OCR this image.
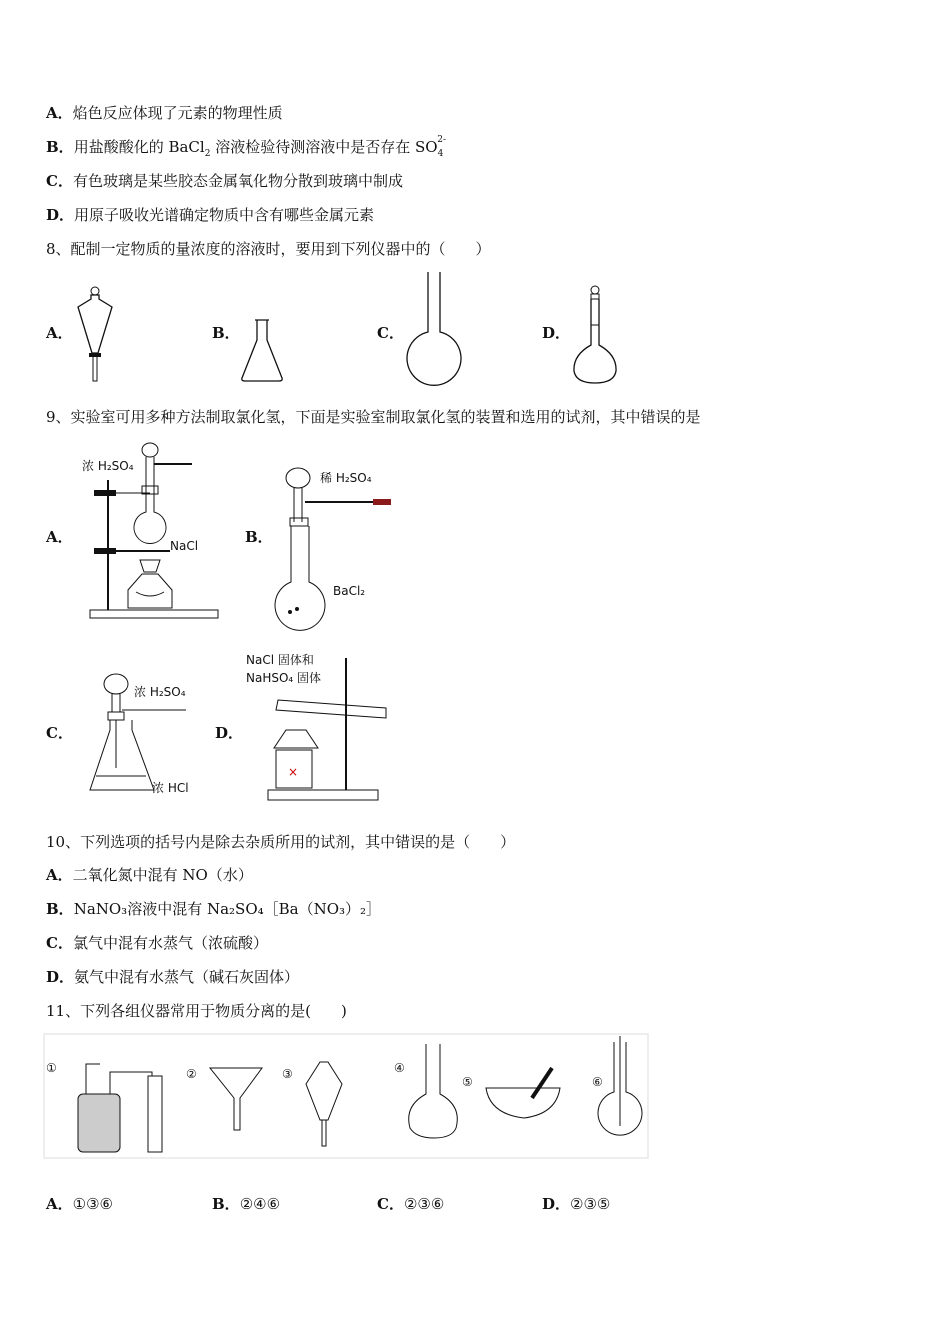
A．焰色反应体现了元素的物理性质
B．用盐酸酸化的 BaCl$_2$ 溶液检验待测溶液中是否存在 $SO_4^{2-}$
C．有色玻璃是某些胶态金属氧化物分散到玻璃中制成
D．用原子吸收光谱确定物质中含有哪些金属元素
8、配制一定物质的量浓度的溶液时，要用到下列仪器中的（　　）
A．	B．	C．	D．
9、实验室可用多种方法制取氯化氢，下面是实验室制取氯化氢的装置和选用的试剂，其中错误的是
A．	B．
C．	D．
浓 H₂SO₄
NaCl
稀 H₂SO₄
BaCl₂
浓 H₂SO₄
浓 HCl
NaCl 固体和
NaHSO₄ 固体
×
10、下列选项的括号内是除去杂质所用的试剂，其中错误的是（　　）
A．二氧化氮中混有 NO（水）
B．NaNO₃溶液中混有 Na₂SO₄［Ba（NO₃）₂］
C．氯气中混有水蒸气（浓硫酸）
D．氨气中混有水蒸气（碱石灰固体）
11、下列各组仪器常用于物质分离的是(　　)
①	②	③	④
⑤	⑥
A．①③⑥	B．②④⑥	C．②③⑥	D．②③⑤
